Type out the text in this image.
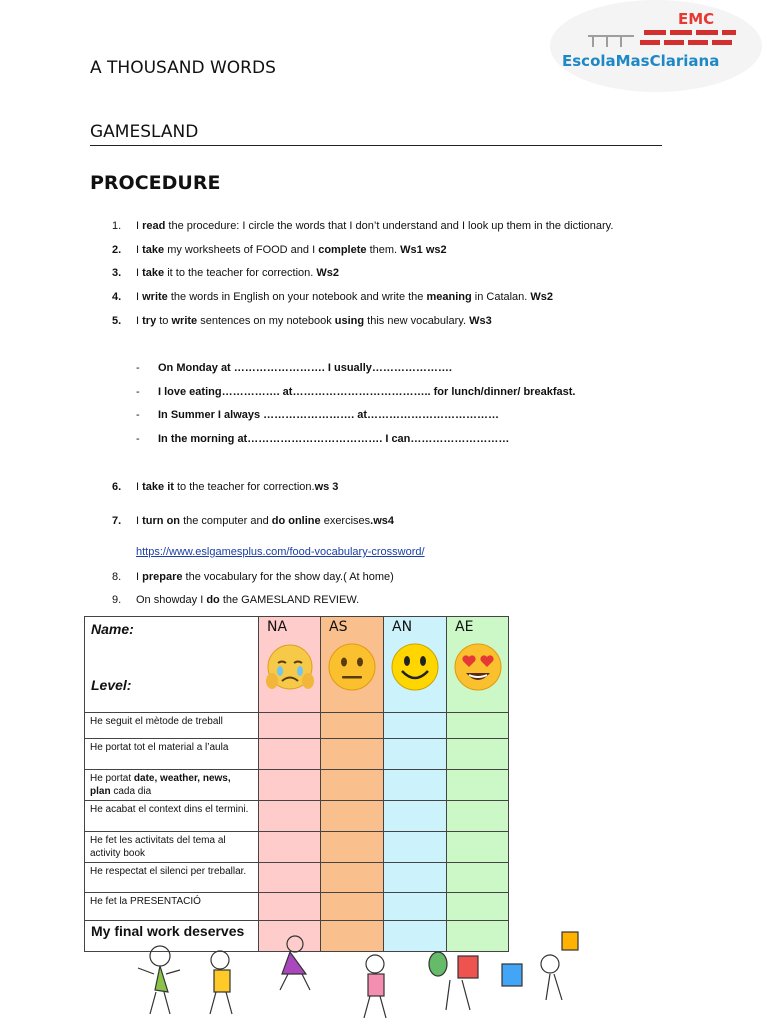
EMC
EscolaMasClariana
A THOUSAND WORDS
GAMESLAND
PROCEDURE
1. I read the procedure: I circle the words that I don’t understand and I look up them in the dictionary.
2. I take my worksheets of FOOD and I complete them. Ws1 ws2
3. I take it to the teacher for correction. Ws2
4. I write the words in English on your notebook and write the meaning in Catalan. Ws2
5. I try to write sentences on my notebook using this new vocabulary. Ws3
- On Monday at ……………………. I usually………………….
- I love eating……………. at……………………………….. for lunch/dinner/ breakfast.
- In Summer I always ……………………. at………………………………
- In the morning at………………………………. I can………………………
6. I take it to the teacher for correction.ws 3
7. I turn on the computer and do online exercises.ws4
https://www.eslgamesplus.com/food-vocabulary-crossword/
8. I prepare the vocabulary for the show day.( At home)
9. On showday I do the GAMESLAND REVIEW.
Name:
Level:	NA	AS	AN	AE

He seguit el mètode de treball				
He portat tot el material a l’aula				
He portat date, weather, news, plan cada dia				
He acabat el context dins el termini.				
He fet les activitats del tema al activity book				
He respectat el silenci per treballar.				
He fet la PRESENTACIÓ				
My final work deserves				
